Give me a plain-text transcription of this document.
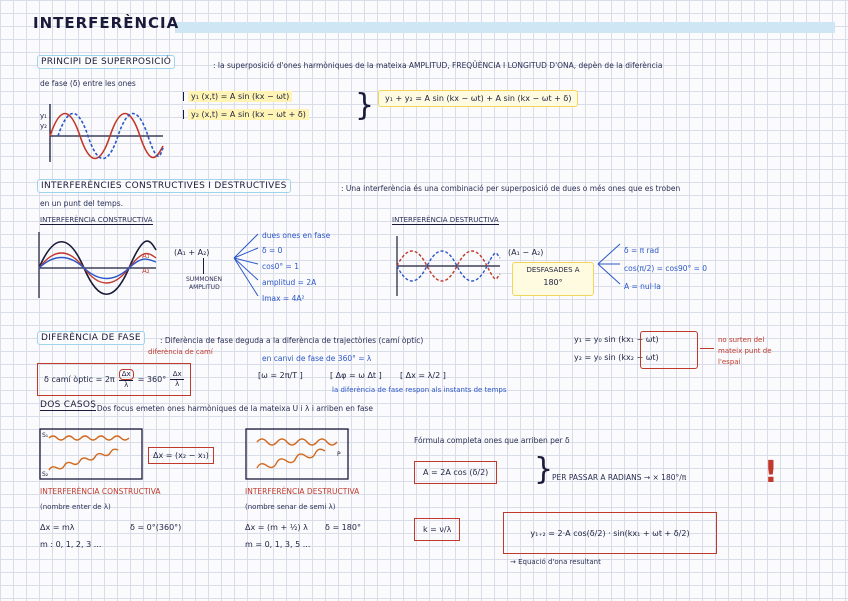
INTERFERÈNCIA
PRINCIPI DE SUPERPOSICIÓ	: la superposició d'ones harmòniques de la mateixa AMPLITUD, FREQÜÈNCIA I LONGITUD D'ONA, depèn de la diferència
de fase (δ) entre les ones
y₁
y₂
y₁ (x,t) = A sin (kx − ωt)
y₂ (x,t) = A sin (kx − ωt + δ) }	y₁ + y₂ = A sin (kx − ωt) + A sin (kx − ωt + δ)
INTERFERÈNCIES CONSTRUCTIVES I DESTRUCTIVES	: Una interferència és una combinació per superposició de dues o més ones que es troben
en un punt del temps.
INTERFERÈNCIA CONSTRUCTIVA
A₁
A₂
(A₁ + A₂)
SUMMONEN
AMPLITUD
dues ones en fase
δ = 0
cos0° = 1
amplitud = 2A
Imax = 4A²
INTERFERÈNCIA DESTRUCTIVA
(A₁ − A₂)
DESFASADES A
180°
δ = π rad
cos(π/2) = cos90° = 0
A = nul·la
DIFERÈNCIA DE FASE	: Diferència de fase deguda a la diferència de trajectòries (camí òptic)
diferència de camí
δ camí òptic = $2\pi \frac{\Delta x}{\lambda} = 360^\circ \frac{\Delta x}{\lambda}$
en canvi de fase de 360° = λ
[ω = 2π/T ]	[ Δφ = ω Δt ] [ Δx = λ/2 ]
la diferència de fase respon als instants de temps
y₁ = y₀ sin (kx₁ − ωt)
y₂ = y₀ sin (kx₂ − ωt)
no surten del
mateix punt de
l'espai
DOS CASOS
: Dos focus emeten ones harmòniques de la mateixa U i λ i arriben en fase
S₁
S₂
Δx = (x₂ − x₁)	P
INTERFERÈNCIA CONSTRUCTIVA
(nombre enter de λ)
Δx = mλ	δ = 0°(360°)
m : 0, 1, 2, 3 ...
INTERFERÈNCIA DESTRUCTIVA
(nombre senar de semi λ)
Δx = (m + ½) λ δ = 180°
m = 0, 1, 3, 5 ...
Fórmula completa ones que arriben per δ
A = 2A cos (δ/2)	}
PER PASSAR A RADIANS → × 180°/π	!
k = ν/λ	y₁₊₂ = 2·A cos(δ/2) · sin(kx₁ + ωt + δ/2)
→ Equació d'ona resultant
